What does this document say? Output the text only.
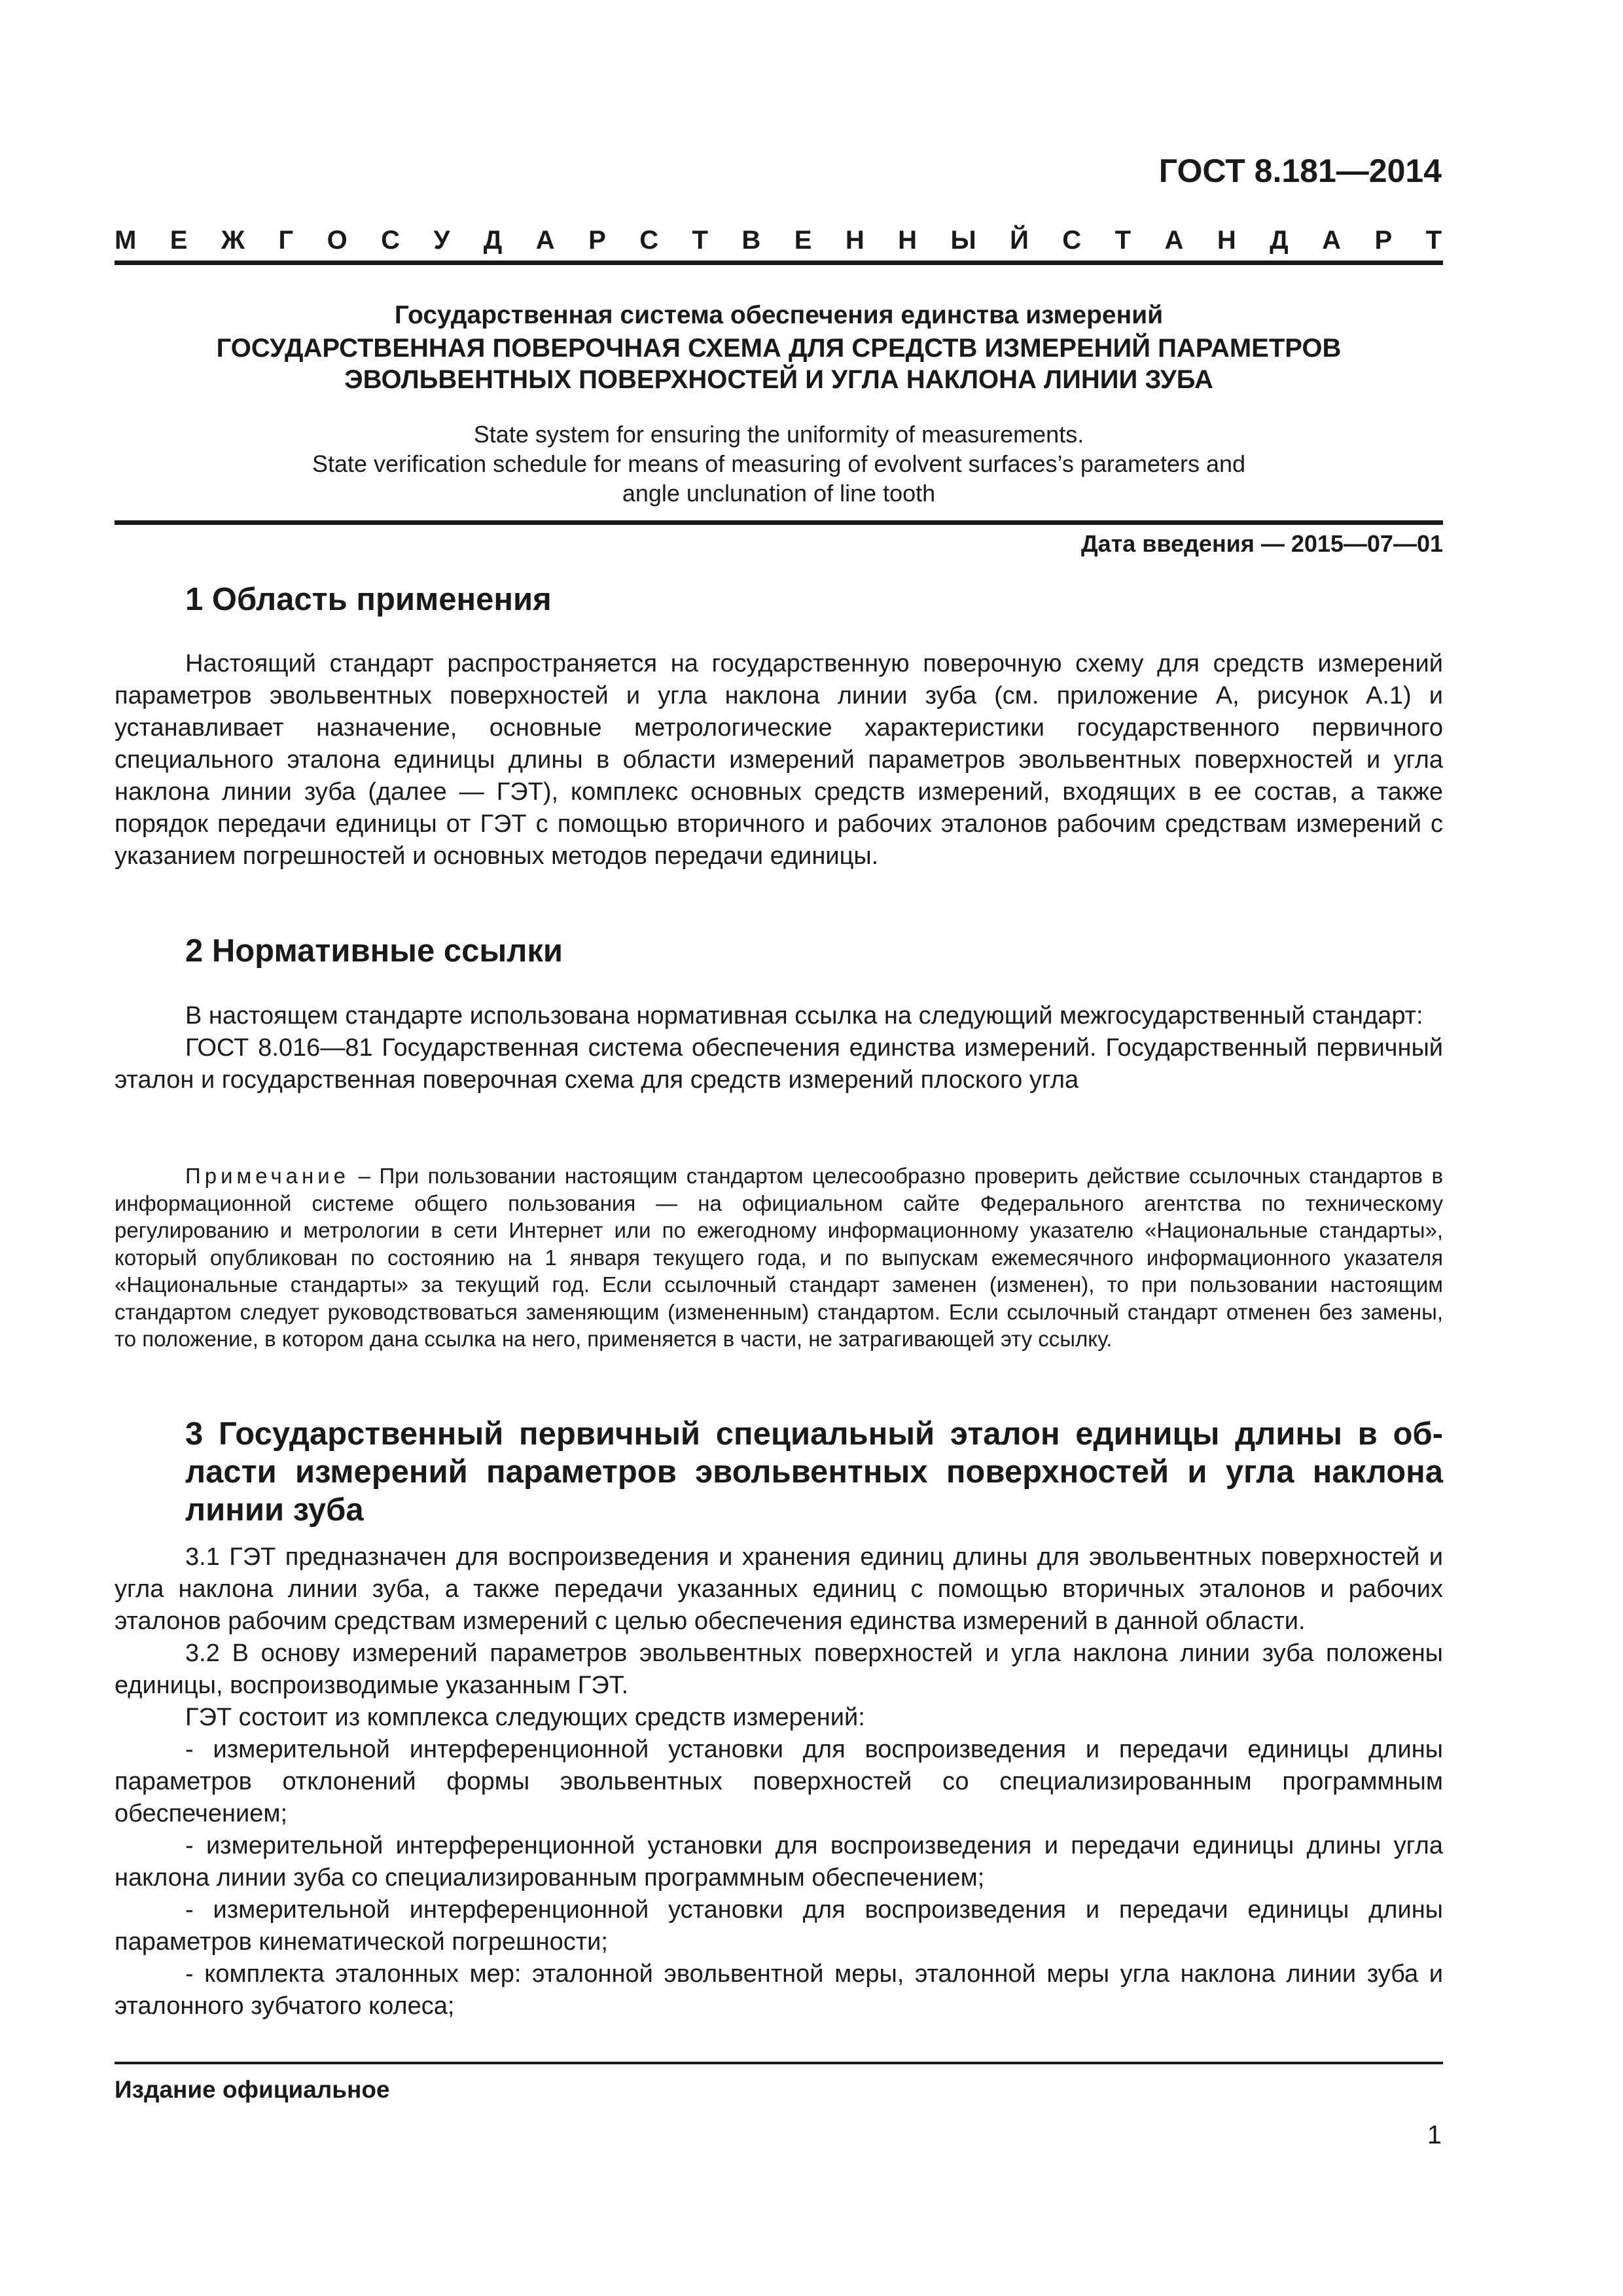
ГОСТ 8.181—2014
М Е Ж Г О С У Д А Р С Т В Е Н Н Ы Й С Т А Н Д А Р Т
Государственная система обеспечения единства измерений
ГОСУДАРСТВЕННАЯ ПОВЕРОЧНАЯ СХЕМА ДЛЯ СРЕДСТВ ИЗМЕРЕНИЙ ПАРАМЕТРОВ
ЭВОЛЬВЕНТНЫХ ПОВЕРХНОСТЕЙ И УГЛА НАКЛОНА ЛИНИИ ЗУБА
State system for ensuring the uniformity of measurements.
State verification schedule for means of measuring of evolvent surfaces’s parameters and
angle unclunation of line tooth
Дата введения — 2015—07—01
1 Область применения
Настоящий стандарт распространяется на государственную поверочную схему для средств измерений параметров эвольвентных поверхностей и угла наклона линии зуба (см. приложение А, рисунок А.1) и устанавливает назначение, основные метрологические характеристики государственного первичного специального эталона единицы длины в области измерений параметров эвольвентных поверхностей и угла наклона линии зуба (далее — ГЭТ), комплекс основных средств измерений, входящих в ее состав, а также порядок передачи единицы от ГЭТ с помощью вторичного и рабочих эталонов рабочим средствам измерений с указанием погрешностей и основных методов передачи единицы.
2 Нормативные ссылки

В настоящем стандарте использована нормативная ссылка на следующий межгосударственный стандарт:

ГОСТ 8.016—81 Государственная система обеспечения единства измерений. Государственный первичный эталон и государственная поверочная схема для средств измерений плоского угла

Примечание – При пользовании настоящим стандартом целесообразно проверить действие ссылочных стандартов в информационной системе общего пользования — на официальном сайте Федерального агентства по техническому регулированию и метрологии в сети Интернет или по ежегодному информационному указателю «Национальные стандарты», который опубликован по состоянию на 1 января текущего года, и по выпускам ежемесячного информационного указателя «Национальные стандарты» за текущий год. Если ссылочный стандарт заменен (изменен), то при пользовании настоящим стандартом следует руководствоваться заменяющим (измененным) стандартом. Если ссылочный стандарт отменен без замены, то положение, в котором дана ссылка на него, применяется в части, не затрагивающей эту ссылку.

3 Государственный первичный специальный эталон единицы длины в области измерений параметров эвольвентных поверхностей и угла наклона линии зуба

3.1 ГЭТ предназначен для воспроизведения и хранения единиц длины для эвольвентных поверхностей и угла наклона линии зуба, а также передачи указанных единиц с помощью вторичных эталонов и рабочих эталонов рабочим средствам измерений с целью обеспечения единства измерений в данной области.

3.2 В основу измерений параметров эвольвентных поверхностей и угла наклона линии зуба положены единицы, воспроизводимые указанным ГЭТ.

ГЭТ состоит из комплекса следующих средств измерений:

- измерительной интерференционной установки для воспроизведения и передачи единицы длины параметров отклонений формы эвольвентных поверхностей со специализированным программным обеспечением;

- измерительной интерференционной установки для воспроизведения и передачи единицы длины угла наклона линии зуба со специализированным программным обеспечением;

- измерительной интерференционной установки для воспроизведения и передачи единицы длины параметров кинематической погрешности;

- комплекта эталонных мер: эталонной эвольвентной меры, эталонной меры угла наклона линии зуба и эталонного зубчатого колеса;

Издание официальное
1
